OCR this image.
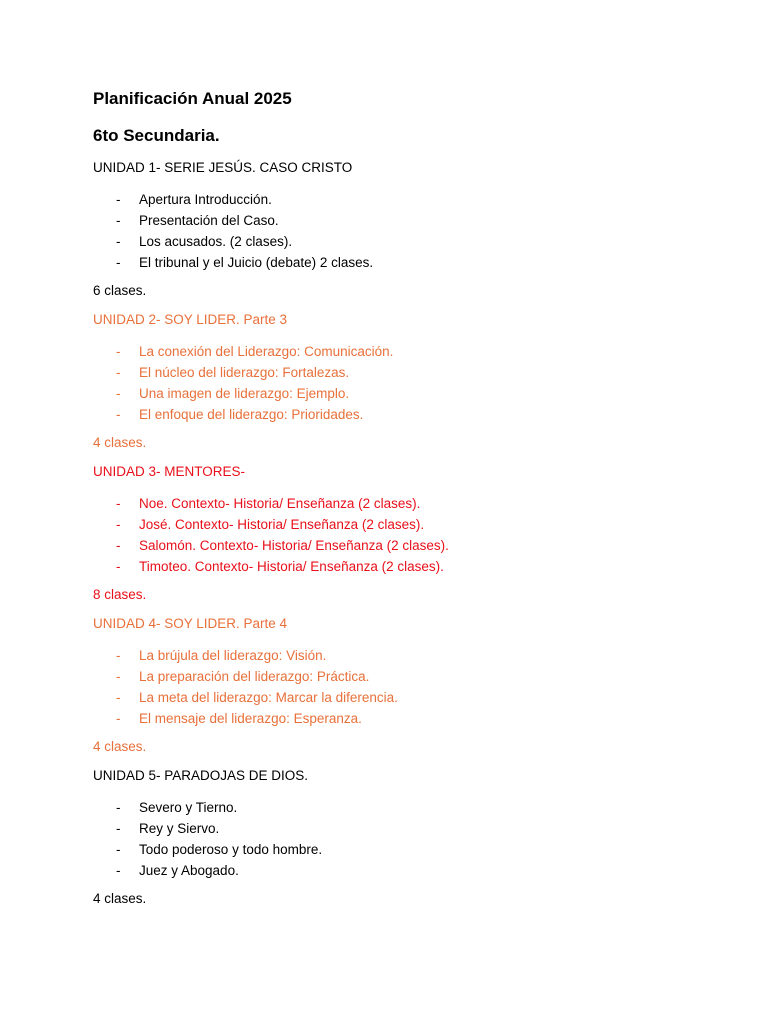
Planificación Anual 2025
6to Secundaria.
UNIDAD 1- SERIE JESÚS. CASO CRISTO
- Apertura Introducción.
- Presentación del Caso.
- Los acusados. (2 clases).
- El tribunal y el Juicio (debate) 2 clases.
6 clases.
UNIDAD 2- SOY LIDER. Parte 3
- La conexión del Liderazgo: Comunicación.
- El núcleo del liderazgo: Fortalezas.
- Una imagen de liderazgo: Ejemplo.
- El enfoque del liderazgo: Prioridades.
4 clases.
UNIDAD 3- MENTORES-
- Noe. Contexto- Historia/ Enseñanza (2 clases).
- José. Contexto- Historia/ Enseñanza (2 clases).
- Salomón. Contexto- Historia/ Enseñanza (2 clases).
- Timoteo. Contexto- Historia/ Enseñanza (2 clases).
8 clases.
UNIDAD 4- SOY LIDER. Parte 4
- La brújula del liderazgo: Visión.
- La preparación del liderazgo: Práctica.
- La meta del liderazgo: Marcar la diferencia.
- El mensaje del liderazgo: Esperanza.
4 clases.
UNIDAD 5- PARADOJAS DE DIOS.
- Severo y Tierno.
- Rey y Siervo.
- Todo poderoso y todo hombre.
- Juez y Abogado.
4 clases.
